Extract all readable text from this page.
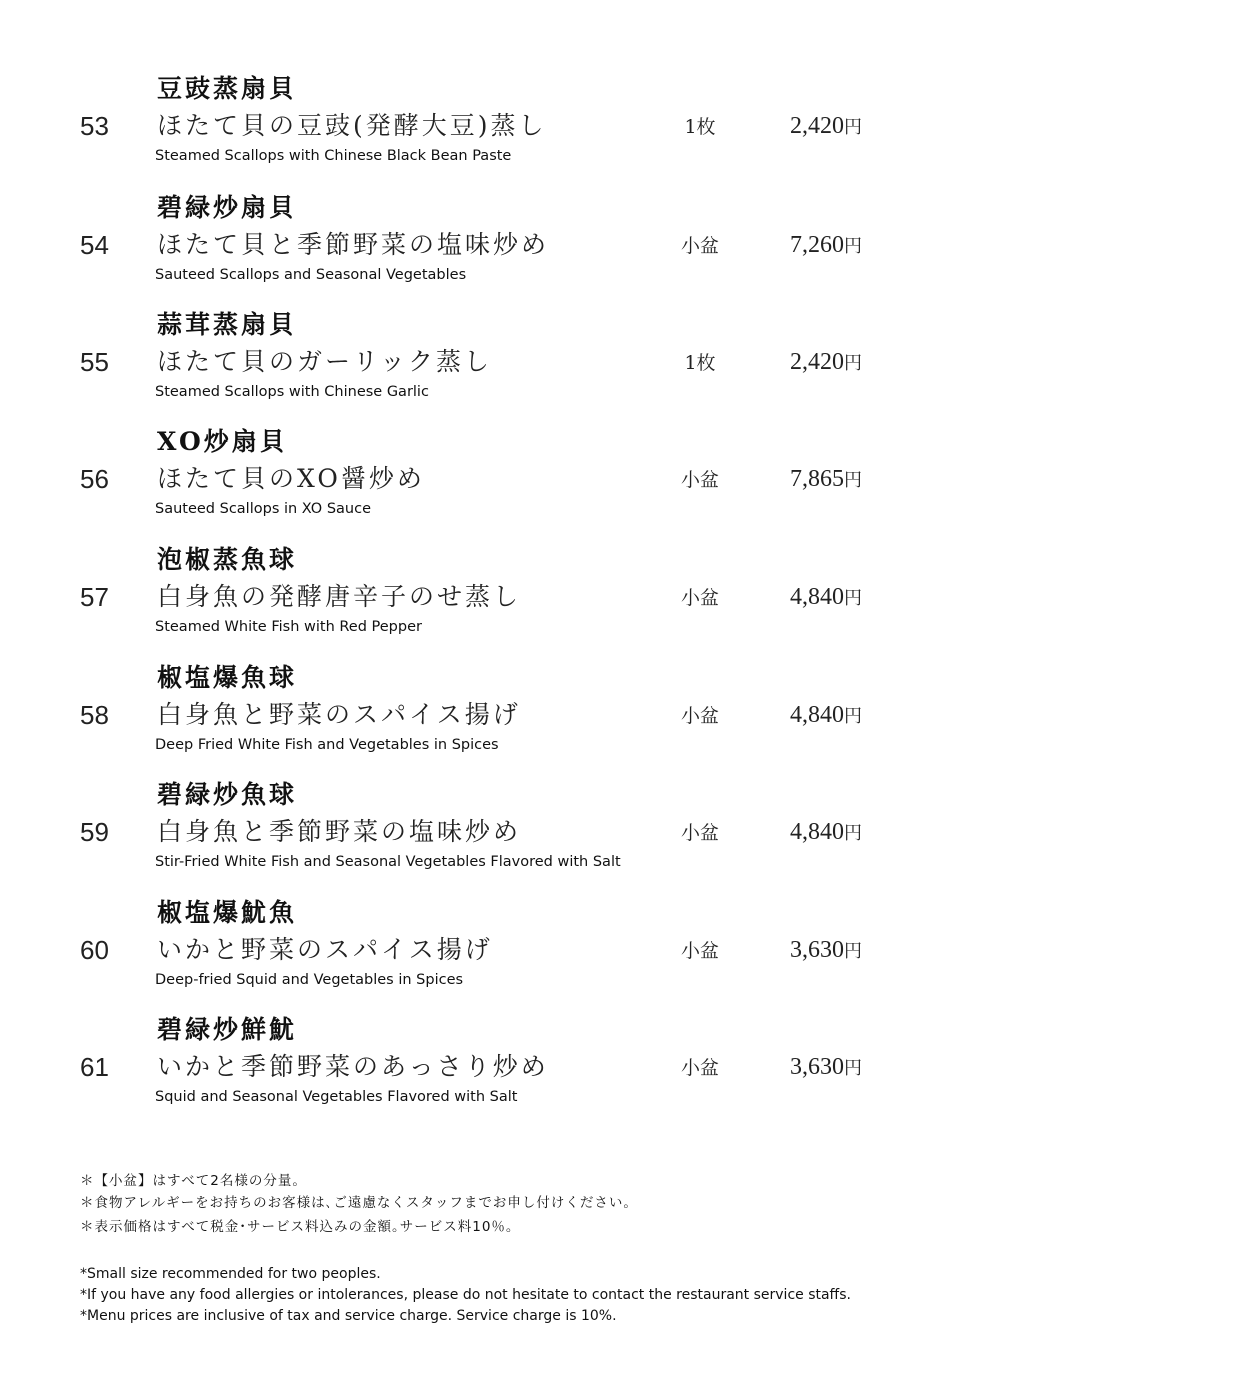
豆豉蒸扇貝
53 ほたて貝の豆豉(発酵大豆)蒸し
Steamed Scallops with Chinese Black Bean Paste
1枚	2,420円
碧緑炒扇貝
54 ほたて貝と季節野菜の塩味炒め
Sauteed Scallops and Seasonal Vegetables
小盆	7,260円
蒜茸蒸扇貝
55 ほたて貝のガーリック蒸し
Steamed Scallops with Chinese Garlic
1枚	2,420円
XO炒扇貝
56 ほたて貝のXO醤炒め
Sauteed Scallops in XO Sauce
小盆	7,865円
泡椒蒸魚球
57 白身魚の発酵唐辛子のせ蒸し
Steamed White Fish with Red Pepper
小盆	4,840円
椒塩爆魚球
58 白身魚と野菜のスパイス揚げ
Deep Fried White Fish and Vegetables in Spices
小盆	4,840円
碧緑炒魚球
59 白身魚と季節野菜の塩味炒め
Stir-Fried White Fish and Seasonal Vegetables Flavored with Salt
小盆	4,840円
椒塩爆魷魚
60 いかと野菜のスパイス揚げ
Deep-fried Squid and Vegetables in Spices
小盆	3,630円
碧緑炒鮮魷
61 いかと季節野菜のあっさり炒め
Squid and Seasonal Vegetables Flavored with Salt
小盆	3,630円
＊【小盆】はすべて2名様の分量。
＊食物アレルギーをお持ちのお客様は､ご遠慮なくスタッフまでお申し付けください。
＊表示価格はすべて税金･サービス料込みの金額｡サービス料10％。
*Small size recommended for two peoples.
*If you have any food allergies or intolerances, please do not hesitate to contact the restaurant service staffs.
*Menu prices are inclusive of tax and service charge. Service charge is 10%.
